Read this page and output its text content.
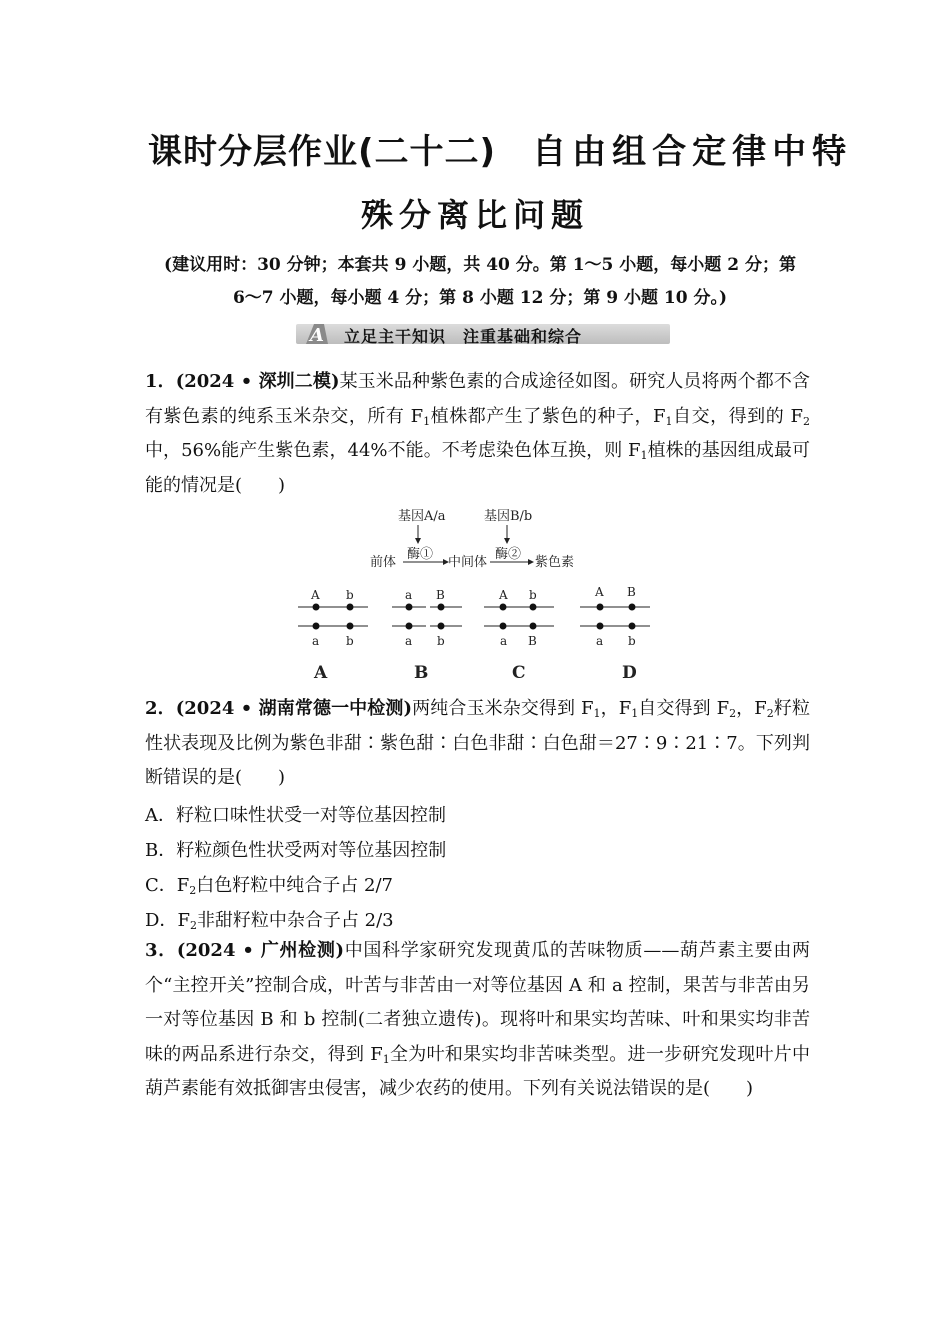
课时分层作业(二十二) 自由组合定律中特
殊分离比问题
(建议用时：30 分钟；本套共 9 小题，共 40 分。第 1～5 小题，每小题 2 分；第
6～7 小题，每小题 4 分；第 8 小题 12 分；第 9 小题 10 分。)
A 立足主干知识　注重基础和综合
1．(2024 • 深圳二模)某玉米品种紫色素的合成途径如图。研究人员将两个都不含有紫色素的纯系玉米杂交，所有 $F_1$植株都产生了紫色的种子，$F_1$自交，得到的 $F_2$中，56%能产生紫色素，44%不能。不考虑染色体互换，则 $F_1$植株的基因组成最可能的情况是(　　)
基因A/a	基因B/b
前体
酶①
中间体
酶②
紫色素
A b
a b
A
a B
a b
B
A b
a B
C
A B
a b
D
2．(2024 • 湖南常德一中检测)两纯合玉米杂交得到 $F_1$，$F_1$自交得到 $F_2$，$F_2$籽粒性状表现及比例为紫色非甜∶紫色甜∶白色非甜∶白色甜＝27∶9∶21∶7。下列判断错误的是(　　)
A．籽粒口味性状受一对等位基因控制
B．籽粒颜色性状受两对等位基因控制
C．$F_2$白色籽粒中纯合子占 2/7
D．$F_2$非甜籽粒中杂合子占 2/3
3．(2024 • 广州检测)中国科学家研究发现黄瓜的苦味物质——葫芦素主要由两个“主控开关”控制合成，叶苦与非苦由一对等位基因 A 和 a 控制，果苦与非苦由另一对等位基因 B 和 b 控制(二者独立遗传)。现将叶和果实均苦味、叶和果实均非苦味的两品系进行杂交，得到 $F_1$全为叶和果实均非苦味类型。进一步研究发现叶片中葫芦素能有效抵御害虫侵害，减少农药的使用。下列有关说法错误的是(　　)
